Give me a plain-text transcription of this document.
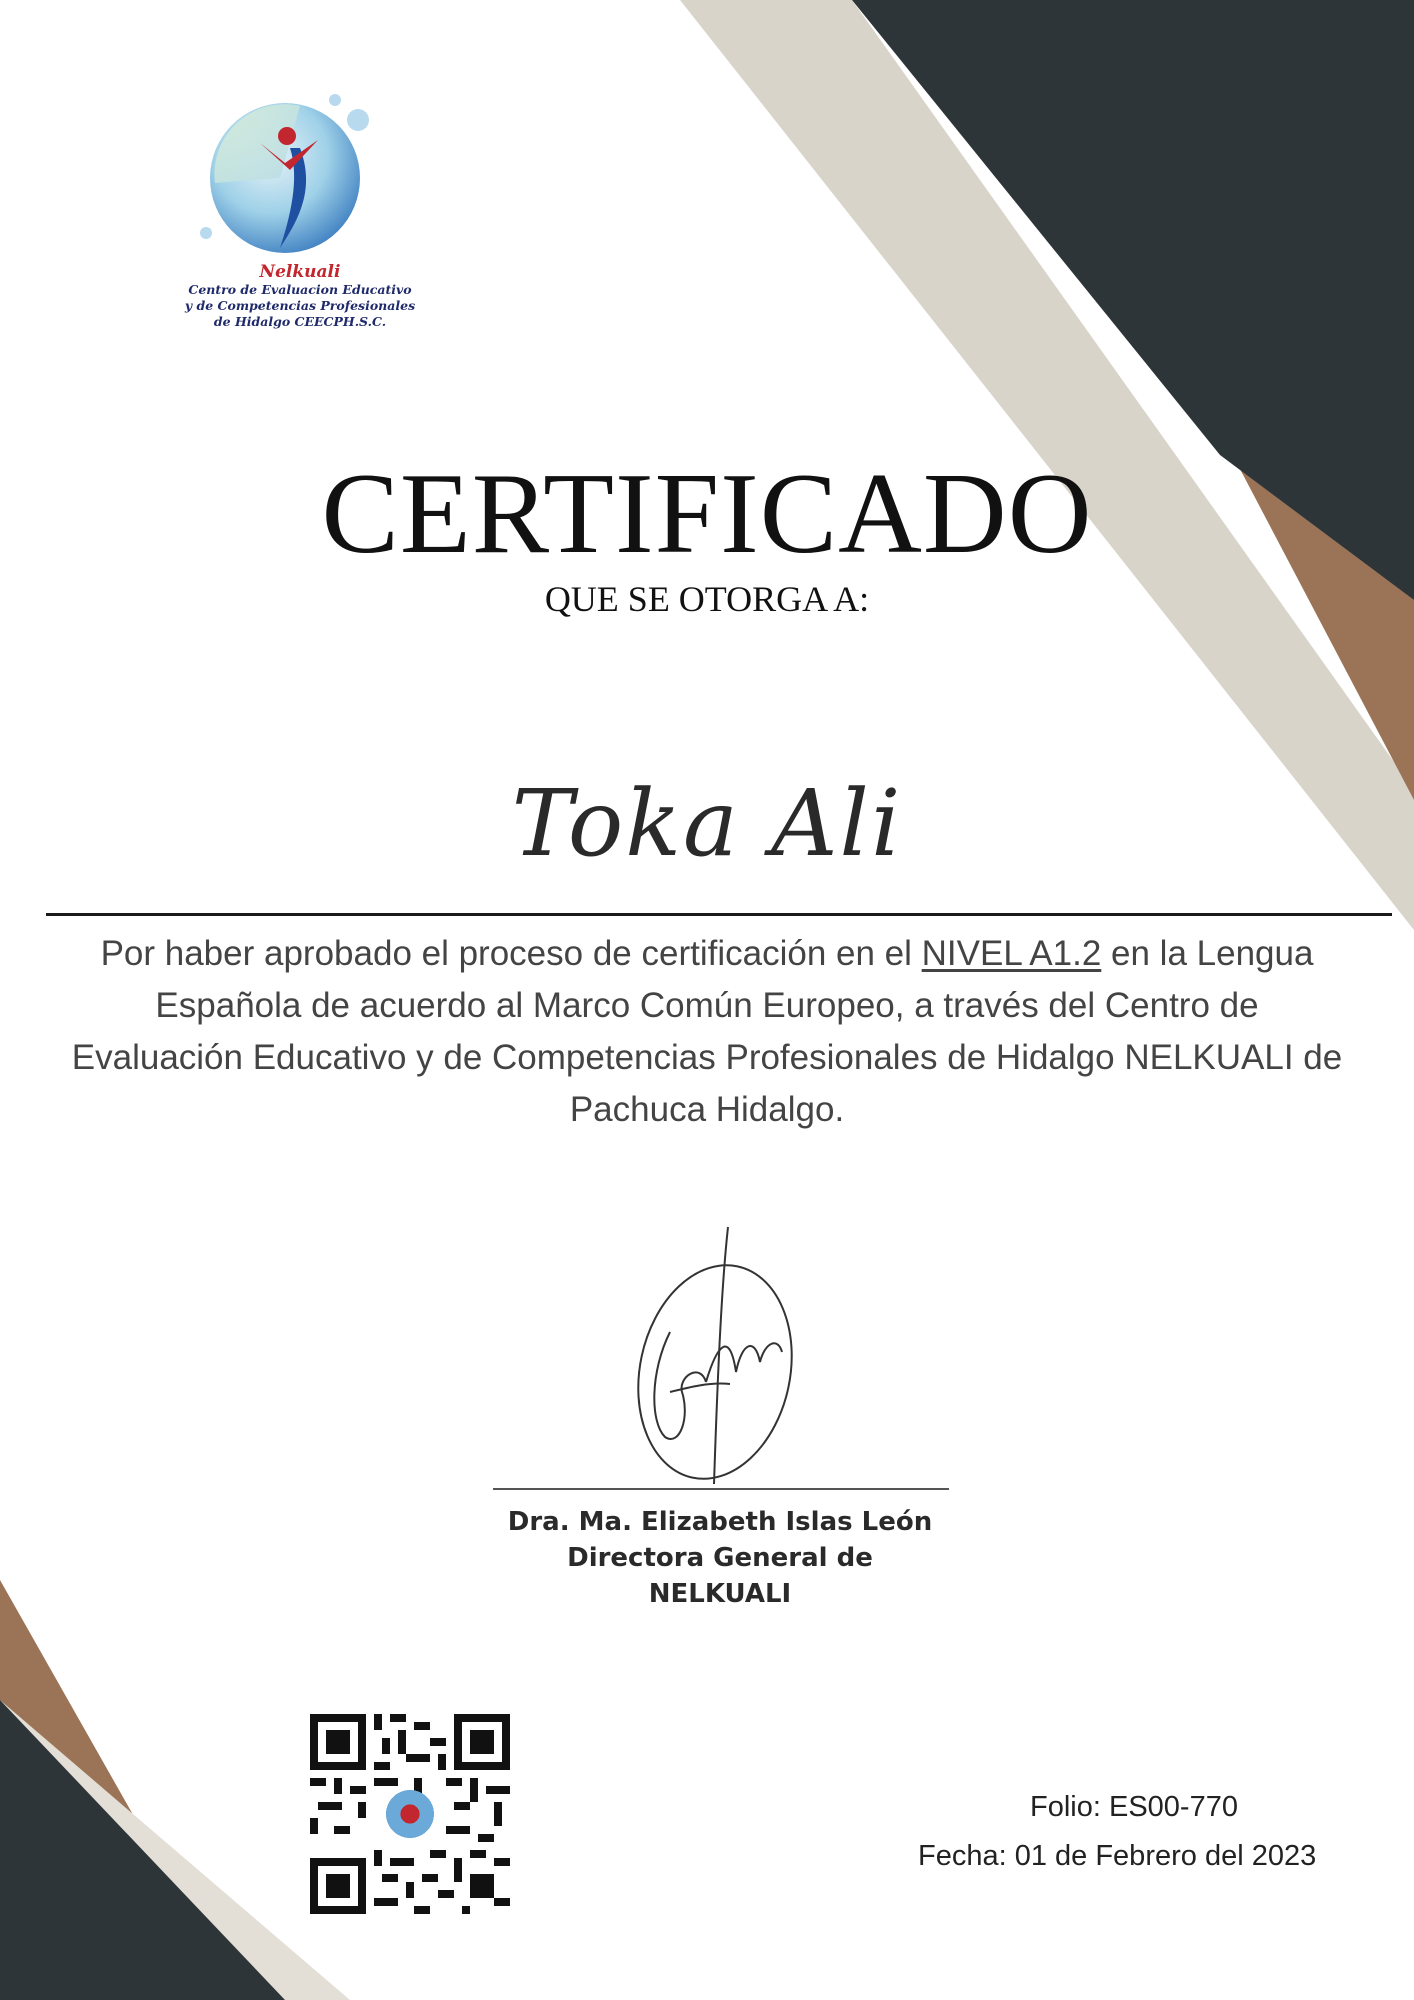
Nelkuali
Centro de Evaluacion Educativo
y de Competencias Profesionales
de Hidalgo CEECPH.S.C.
CERTIFICADO
QUE SE OTORGA A:
Toka Ali
Por haber aprobado el proceso de certificación en el NIVEL A1.2 en la Lengua Española de acuerdo al Marco Común Europeo, a través del Centro de Evaluación Educativo y de Competencias Profesionales de Hidalgo NELKUALI de Pachuca Hidalgo.
Dra. Ma. Elizabeth Islas León
Directora General de
NELKUALI
Folio: ES00-770
Fecha: 01 de Febrero del 2023
